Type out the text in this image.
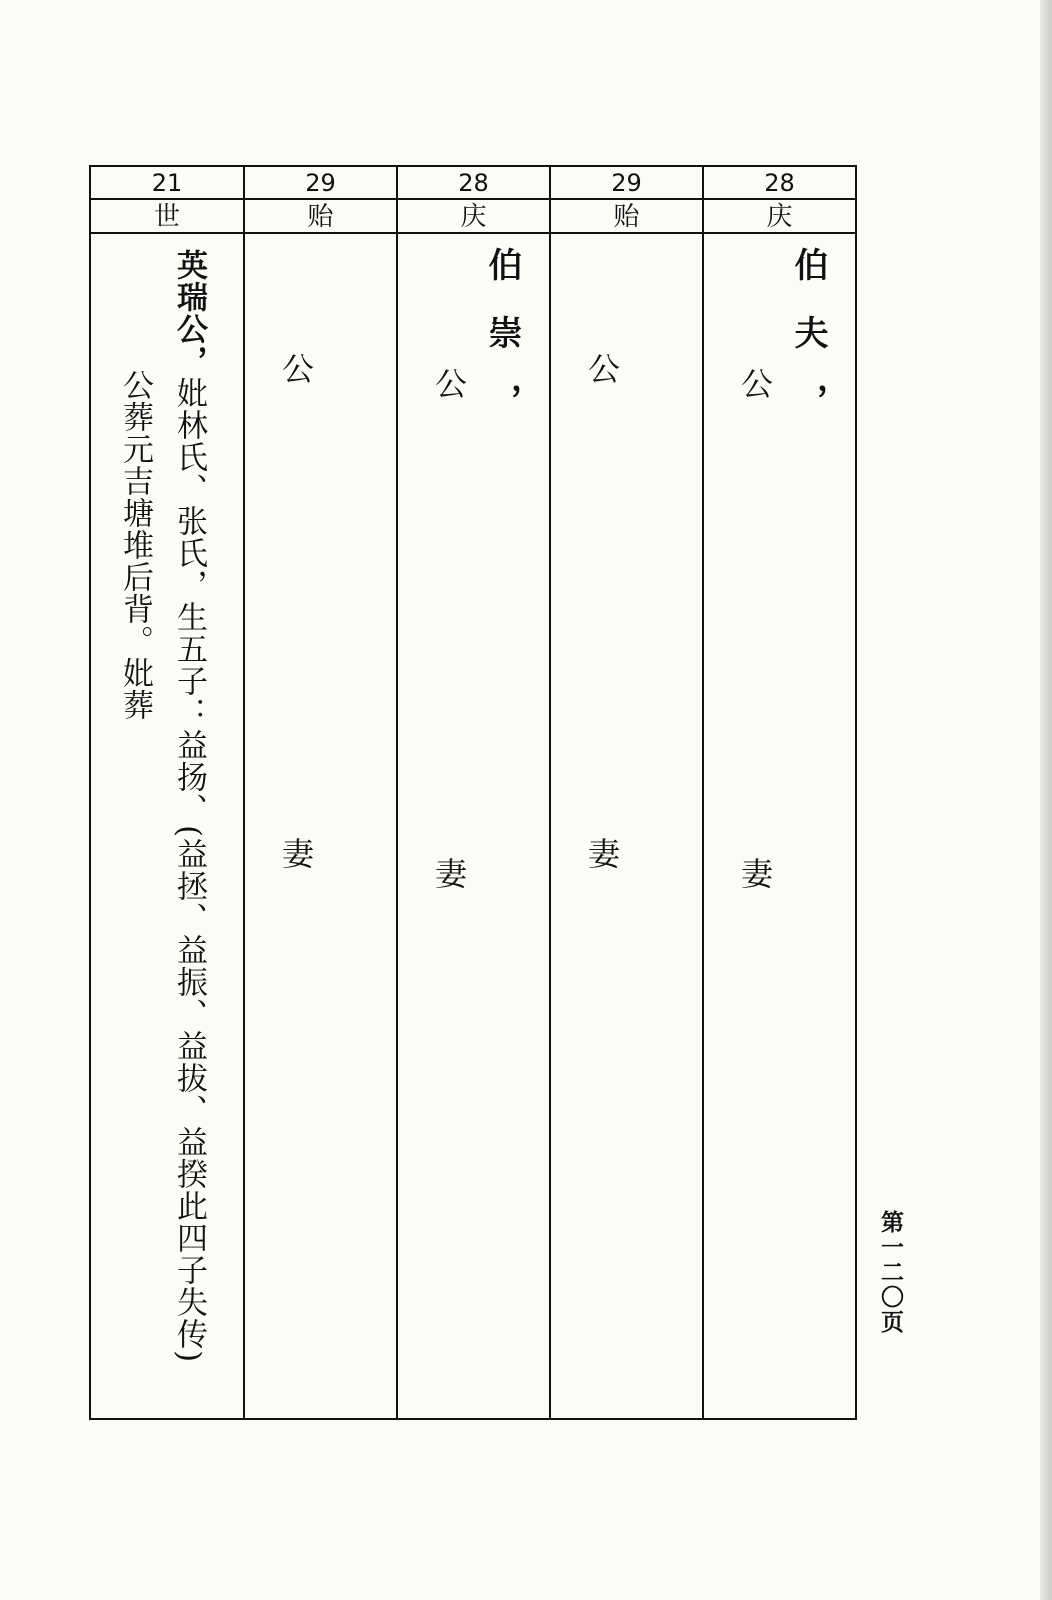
28
庆
伯夫，
公
妻
29
贻
公
妻
28
庆
伯崇，
公
妻
29
贻
公
妻
21
世
英瑞公，妣林氏、张氏，生五子：益扬、(益拯、益振、益拔、益揆此四子失传)
公葬元吉塘堆后背。妣葬
第一二〇页
